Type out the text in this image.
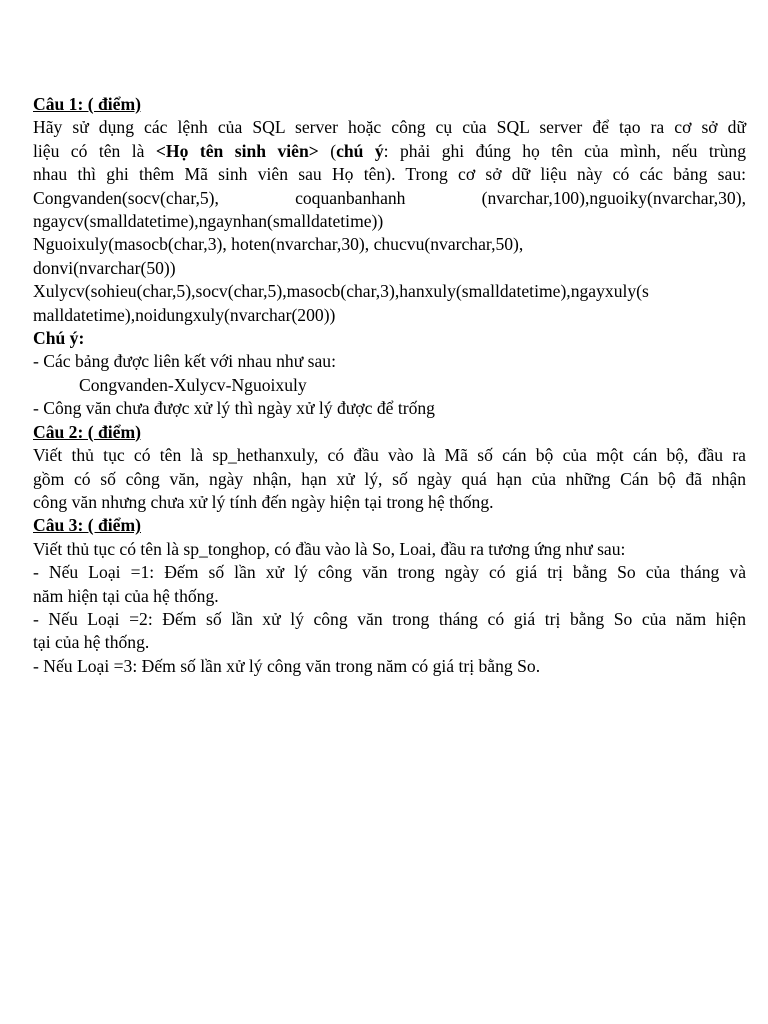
Câu 1: ( điểm)
Hãy sử dụng các lệnh của SQL server hoặc công cụ của SQL server để tạo ra cơ sở dữ
liệu có tên là <Họ tên sinh viên> (chú ý: phải ghi đúng họ tên của mình, nếu trùng
nhau thì ghi thêm Mã sinh viên sau Họ tên). Trong cơ sở dữ liệu này có các bảng sau:
Congvanden(socv(char,5),	coquanbanhanh	(nvarchar,100),nguoiky(nvarchar,30),
ngaycv(smalldatetime),ngaynhan(smalldatetime))
Nguoixuly(masocb(char,3), hoten(nvarchar,30), chucvu(nvarchar,50),
donvi(nvarchar(50))
Xulycv(sohieu(char,5),socv(char,5),masocb(char,3),hanxuly(smalldatetime),ngayxuly(s
malldatetime),noidungxuly(nvarchar(200))
Chú ý:
- Các bảng được liên kết với nhau như sau:
Congvanden-Xulycv-Nguoixuly
- Công văn chưa được xử lý thì ngày xử lý được để trống
Câu 2: ( điểm)
Viết thủ tục có tên là sp_hethanxuly, có đầu vào là Mã số cán bộ của một cán bộ, đầu ra
gồm có số công văn, ngày nhận, hạn xử lý, số ngày quá hạn của những Cán bộ đã nhận
công văn nhưng chưa xử lý tính đến ngày hiện tại trong hệ thống.
Câu 3: ( điểm)
Viết thủ tục có tên là sp_tonghop, có đầu vào là So, Loai, đầu ra tương ứng như sau:
- Nếu Loại =1: Đếm số lần xử lý công văn trong ngày có giá trị bằng So của tháng và
năm hiện tại của hệ thống.
- Nếu Loại =2: Đếm số lần xử lý công văn trong tháng có giá trị bằng So của năm hiện
tại của hệ thống.
- Nếu Loại =3: Đếm số lần xử lý công văn trong năm có giá trị bằng So.
